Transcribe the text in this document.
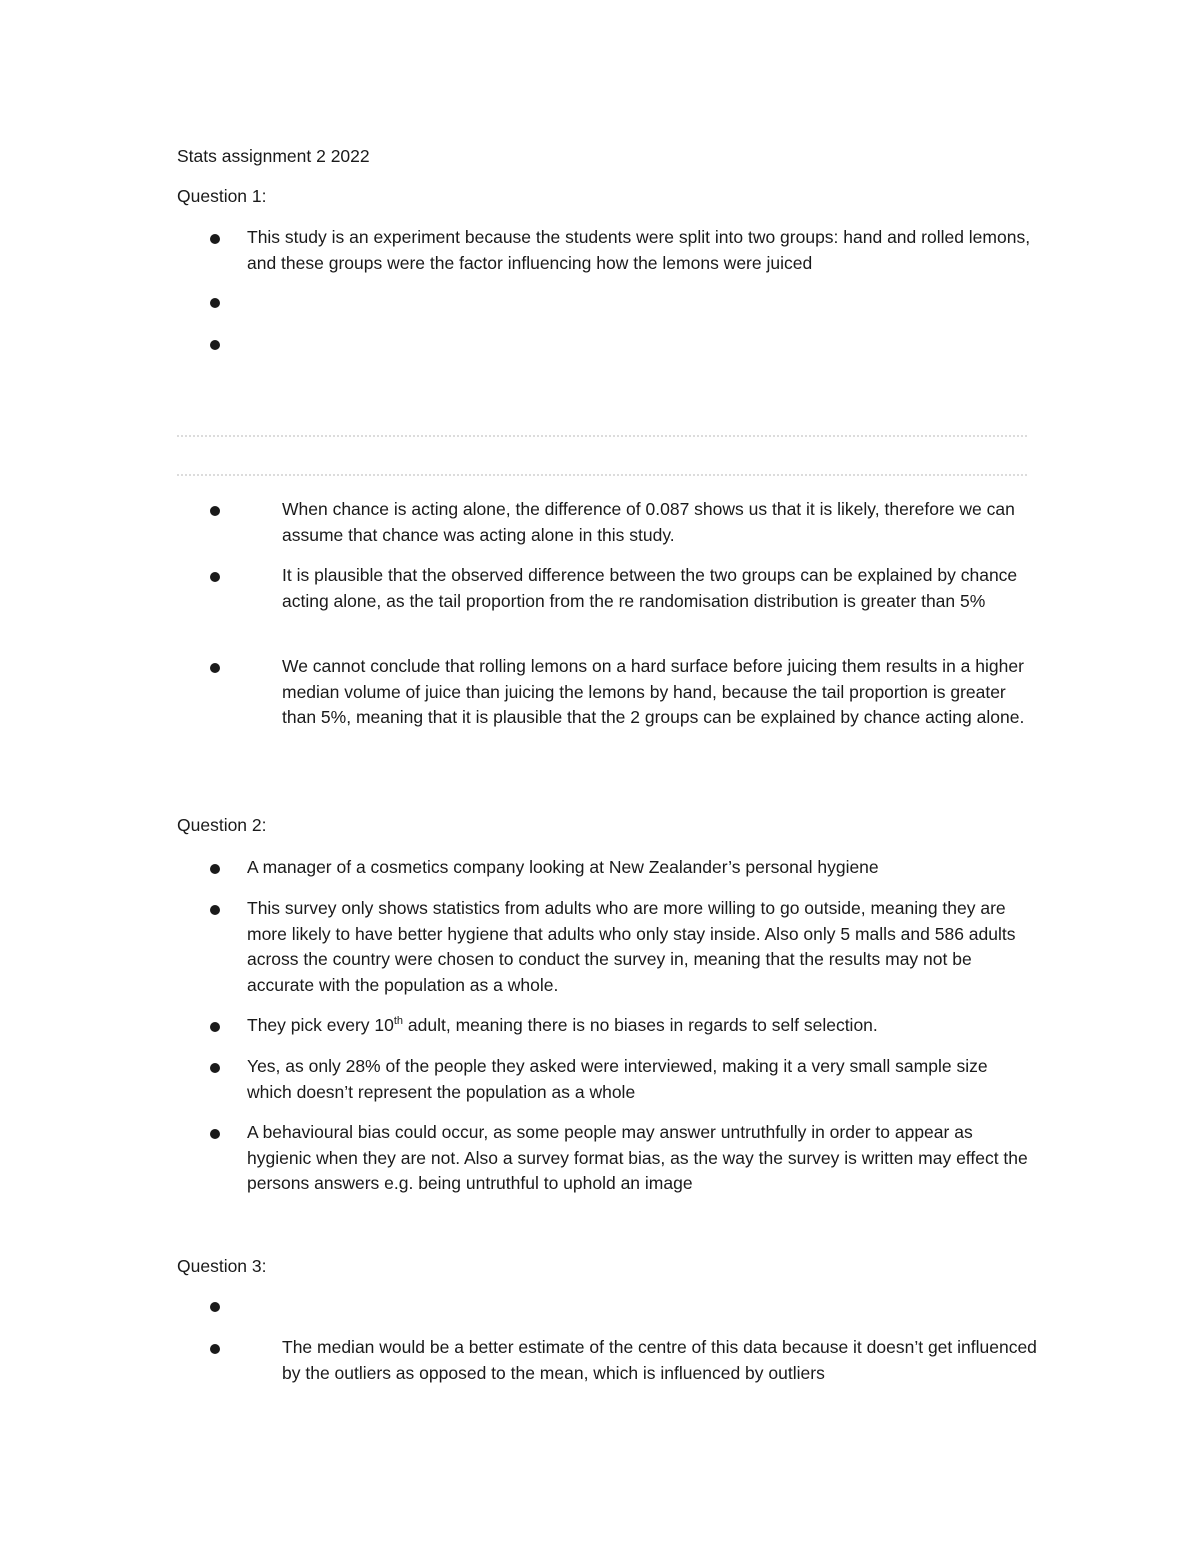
Stats assignment 2 2022
Question 1:
This study is an experiment because the students were split into two groups: hand and rolled lemons, and these groups were the factor influencing how the lemons were juiced
When chance is acting alone, the difference of 0.087 shows us that it is likely, therefore we can assume that chance was acting alone in this study.
It is plausible that the observed difference between the two groups can be explained by chance acting alone, as the tail proportion from the re randomisation distribution is greater than 5%
We cannot conclude that rolling lemons on a hard surface before juicing them results in a higher median volume of juice than juicing the lemons by hand, because the tail proportion is greater than 5%, meaning that it is plausible that the 2 groups can be explained by chance acting alone.
Question 2:
A manager of a cosmetics company looking at New Zealander’s personal hygiene
This survey only shows statistics from adults who are more willing to go outside, meaning they are more likely to have better hygiene that adults who only stay inside. Also only 5 malls and 586 adults across the country were chosen to conduct the survey in, meaning that the results may not be accurate with the population as a whole.
They pick every 10th adult, meaning there is no biases in regards to self selection.
Yes, as only 28% of the people they asked were interviewed, making it a very small sample size which doesn’t represent the population as a whole
A behavioural bias could occur, as some people may answer untruthfully in order to appear as hygienic when they are not. Also a survey format bias, as the way the survey is written may effect the persons answers e.g. being untruthful to uphold an image
Question 3:
The median would be a better estimate of the centre of this data because it doesn’t get influenced by the outliers as opposed to the mean, which is influenced by outliers
